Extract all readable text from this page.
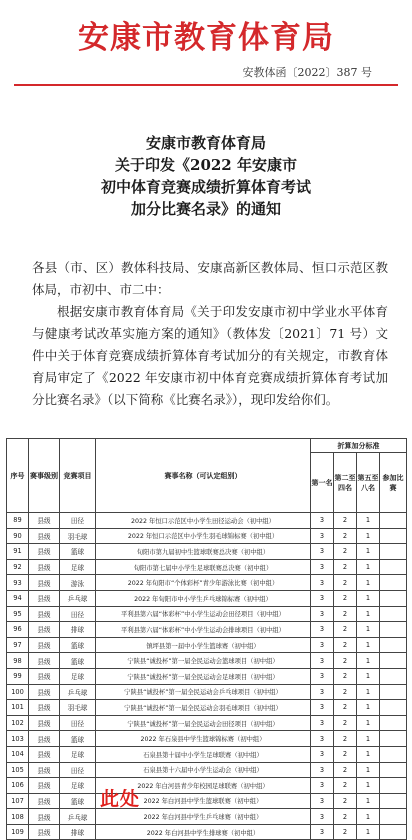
安康市教育体育局
安教体函〔2022〕387 号
安康市教育体育局
关于印发《2022 年安康市
初中体育竞赛成绩折算体育考试
加分比赛名录》的通知
各县（市、区）教体科技局、安康高新区教体局、恒口示范区教体局，市初中、市二中：
根据安康市教育体育局《关于印发安康市初中学业水平体育与健康考试改革实施方案的通知》（教体发〔2021〕71 号）文件中关于体育竞赛成绩折算体育考试加分的有关规定，市教育体育局审定了《2022 年安康市初中体育竞赛成绩折算体育考试加分比赛名录》（以下简称《比赛名录》），现印发给你们。
序号	赛事级别	竞赛项目	赛事名称（可认定组别）	折算加分标准			
				第一名	第二至四名	第五至八名	参加比赛
89	县级	田径	2022 年恒口示范区中小学生田径运动会（初中组）	3	2	1	
90	县级	羽毛球	2022 年恒口示范区中小学生羽毛球锦标赛（初中组）	3	2	1	
91	县级	篮球	旬阳市第九届初中生篮球联赛总决赛（初中组）	3	2	1	
92	县级	足球	旬阳市第七届中小学生足球联赛总决赛（初中组）	3	2	1	
93	县级	游泳	2022 年旬阳市“个体彩杯”青少年游泳比赛（初中组）	3	2	1	
94	县级	乒乓球	2022 年旬阳市中小学生乒乓球锦标赛（初中组）	3	2	1	
95	县级	田径	平利县第六届“体彩杯”中小学生运动会田径项目（初中组）	3	2	1	
96	县级	排球	平利县第六届“体彩杯”中小学生运动会排球项目（初中组）	3	2	1	
97	县级	篮球	镇坪县第一届中小学生篮球赛（初中组）	3	2	1	
98	县级	篮球	宁陕县“诚投杯”第一届全民运动会篮球项目（初中组）	3	2	1	
99	县级	足球	宁陕县“诚投杯”第一届全民运动会足球项目（初中组）	3	2	1	
100	县级	乒乓球	宁陕县“诚投杯”第一届全民运动会乒乓球项目（初中组）	3	2	1	
101	县级	羽毛球	宁陕县“诚投杯”第一届全民运动会羽毛球项目（初中组）	3	2	1	
102	县级	田径	宁陕县“诚投杯”第一届全民运动会田径项目（初中组）	3	2	1	
103	县级	篮球	2022 年石泉县中学生篮球锦标赛（初中组）	3	2	1	
104	县级	足球	石泉县第十届中小学生足球联赛（初中组）	3	2	1	
105	县级	田径	石泉县第十六届中小学生运动会（初中组）	3	2	1	
106	县级	足球	2022 年白河县青少年校园足球联赛（初中组）	3	2	1	
107	县级	篮球	2022 年白河县中学生篮球联赛（初中组）	3	2	1	
108	县级	乒乓球	2022 年白河县中学生乒乓球赛（初中组）	3	2	1	
109	县级	排球	2022 年白河县中学生排球赛（初中组）	3	2	1	
此处
